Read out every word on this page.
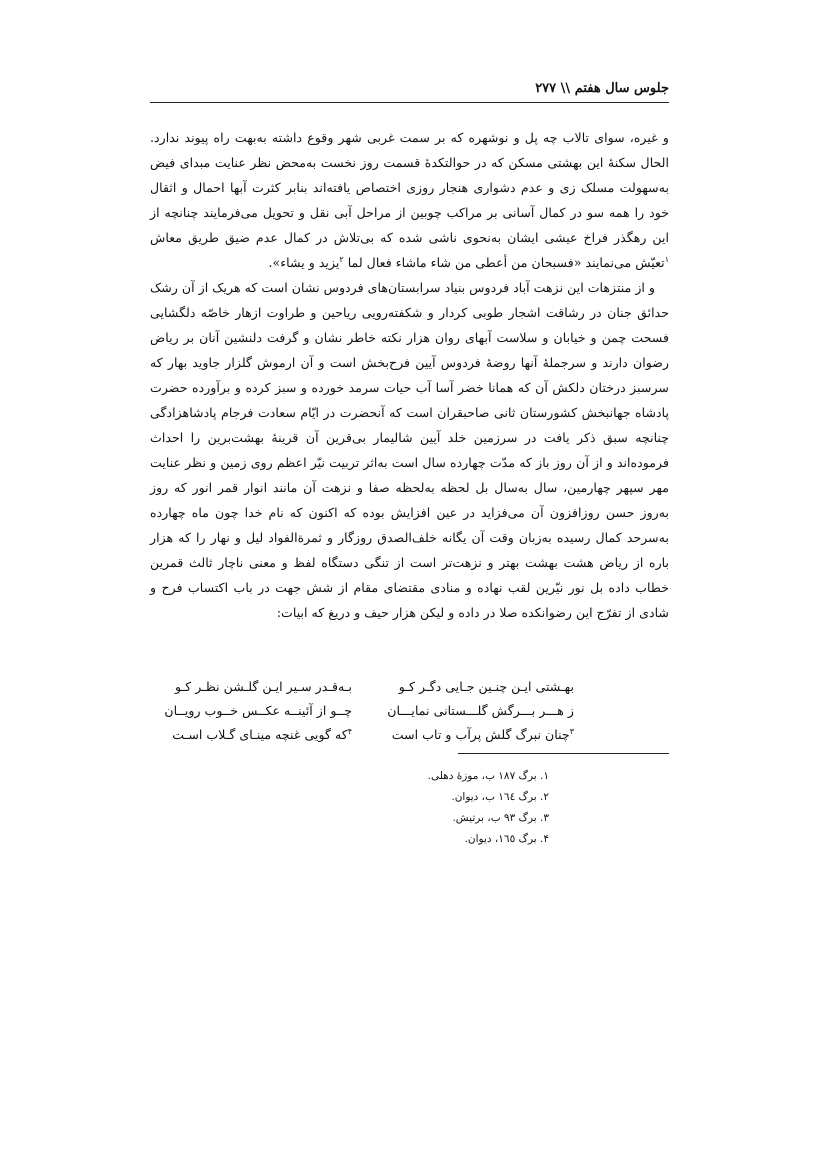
جلوس سال هفتم \\ ۲۷۷

و غیره، سوای تالاب چه پل و نوشهره که بر سمت غربی شهر وقوع داشته به‌بهت راه پیوند ندارد. الحال سکنهٔ این بهشتی مسکن که در حوالتکدهٔ قسمت روز نخست به‌محض نظر عنایت مبدای فیض به‌سهولت مسلک زی و عدم دشواری هنجار روزی اختصاص یافته‌اند بنابر کثرت آبها احمال و اثقال خود را همه سو در کمال آسانی بر مراکب چوبین از مراحل آبی نقل و تحویل می‌فرمایند چنانچه از این رهگذر فراخ عیشی ایشان به‌نحوی ناشی شده که بی‌تلاش در کمال عدم ضیق طریق معاش $^۱$تعیّش می‌نمایند «فسبحان من أعطی من شاء ماشاء فعال لما $^۲$یزید و یشاء».

و از منتزهات این نزهت آباد فردوس بنیاد سرابستان‌های فردوس نشان است که هریک از آن رشک حدائق جنان در رشاقت اشجار طوبی کردار و شکفته‌رویی ریاحین و طراوت ازهار خاصّه دلگشایی فسحت چمن و خیابان و سلاست آبهای روان هزار نکته خاطر نشان و گرفت دلنشین آنان بر ریاض رضوان دارند و سرجملهٔ آنها روضهٔ فردوس آیین فرح‌بخش است و آن ارموش گلزار جاوید بهار که سرسبز درختان دلکش آن که همانا خضر آسا آب حیات سرمد خورده و سبز کرده و برآورده حضرت پادشاه جهانبخش کشورستان ثانی صاحبقران است که آنحضرت در ایّام سعادت فرجام پادشاهزادگی چنانچه سبق ذکر یافت در سرزمین خلد آیین شالیمار بی‌قرین آن قرینهٔ بهشت‌برین را احداث فرموده‌اند و از آن روز باز که مدّت چهارده سال است به‌اثر تربیت نیّر اعظم روی زمین و نظر عنایت مهر سپهر چهارمین، سال به‌سال بل لحظه به‌لحظه صفا و نزهت آن مانند انوار قمر انور که روز به‌روز حسن روزافزون آن می‌فزاید در عین افزایش بوده که اکنون که نام خدا چون ماه چهارده به‌سرحد کمال رسیده به‌زبان وقت آن یگانه خلف‌الصدق روزگار و ثمرةالفواد لیل و نهار را که هزار باره از ریاض هشت بهشت بهتر و نزهت‌تر است از تنگی دستگاه لفظ و معنی ناچار ثالث قمرین خطاب داده بل نور نیّرین لقب نهاده و منادی مقتضای مقام از شش جهت در باب اکتساب فرح و شادی از تفرّج این رضوانکده صلا در داده و لیکن هزار حیف و دریغ که ابیات:

بهـشتی ایـن چنـین جـایی دگـر کـو
بـه‌قـدر سـیر ایـن گلـشن نظـر کـو
ز هـــر بـــرگش گلـــستانی نمایـــان
چــو از آئینــه عکــس خــوب رویــان
$^۳$چنان نبرگ گلش پرآب و تاب است
$^۴$که گویی غنچه مینـای گـلاب اسـت
۱. برگ ۱۸۷ ب، موزهٔ دهلی.
۲. برگ ١٦٤ ب، دیوان.
۳. برگ ۹۳ ب، برتیش.
۴. برگ ١٦٥، دیوان.
